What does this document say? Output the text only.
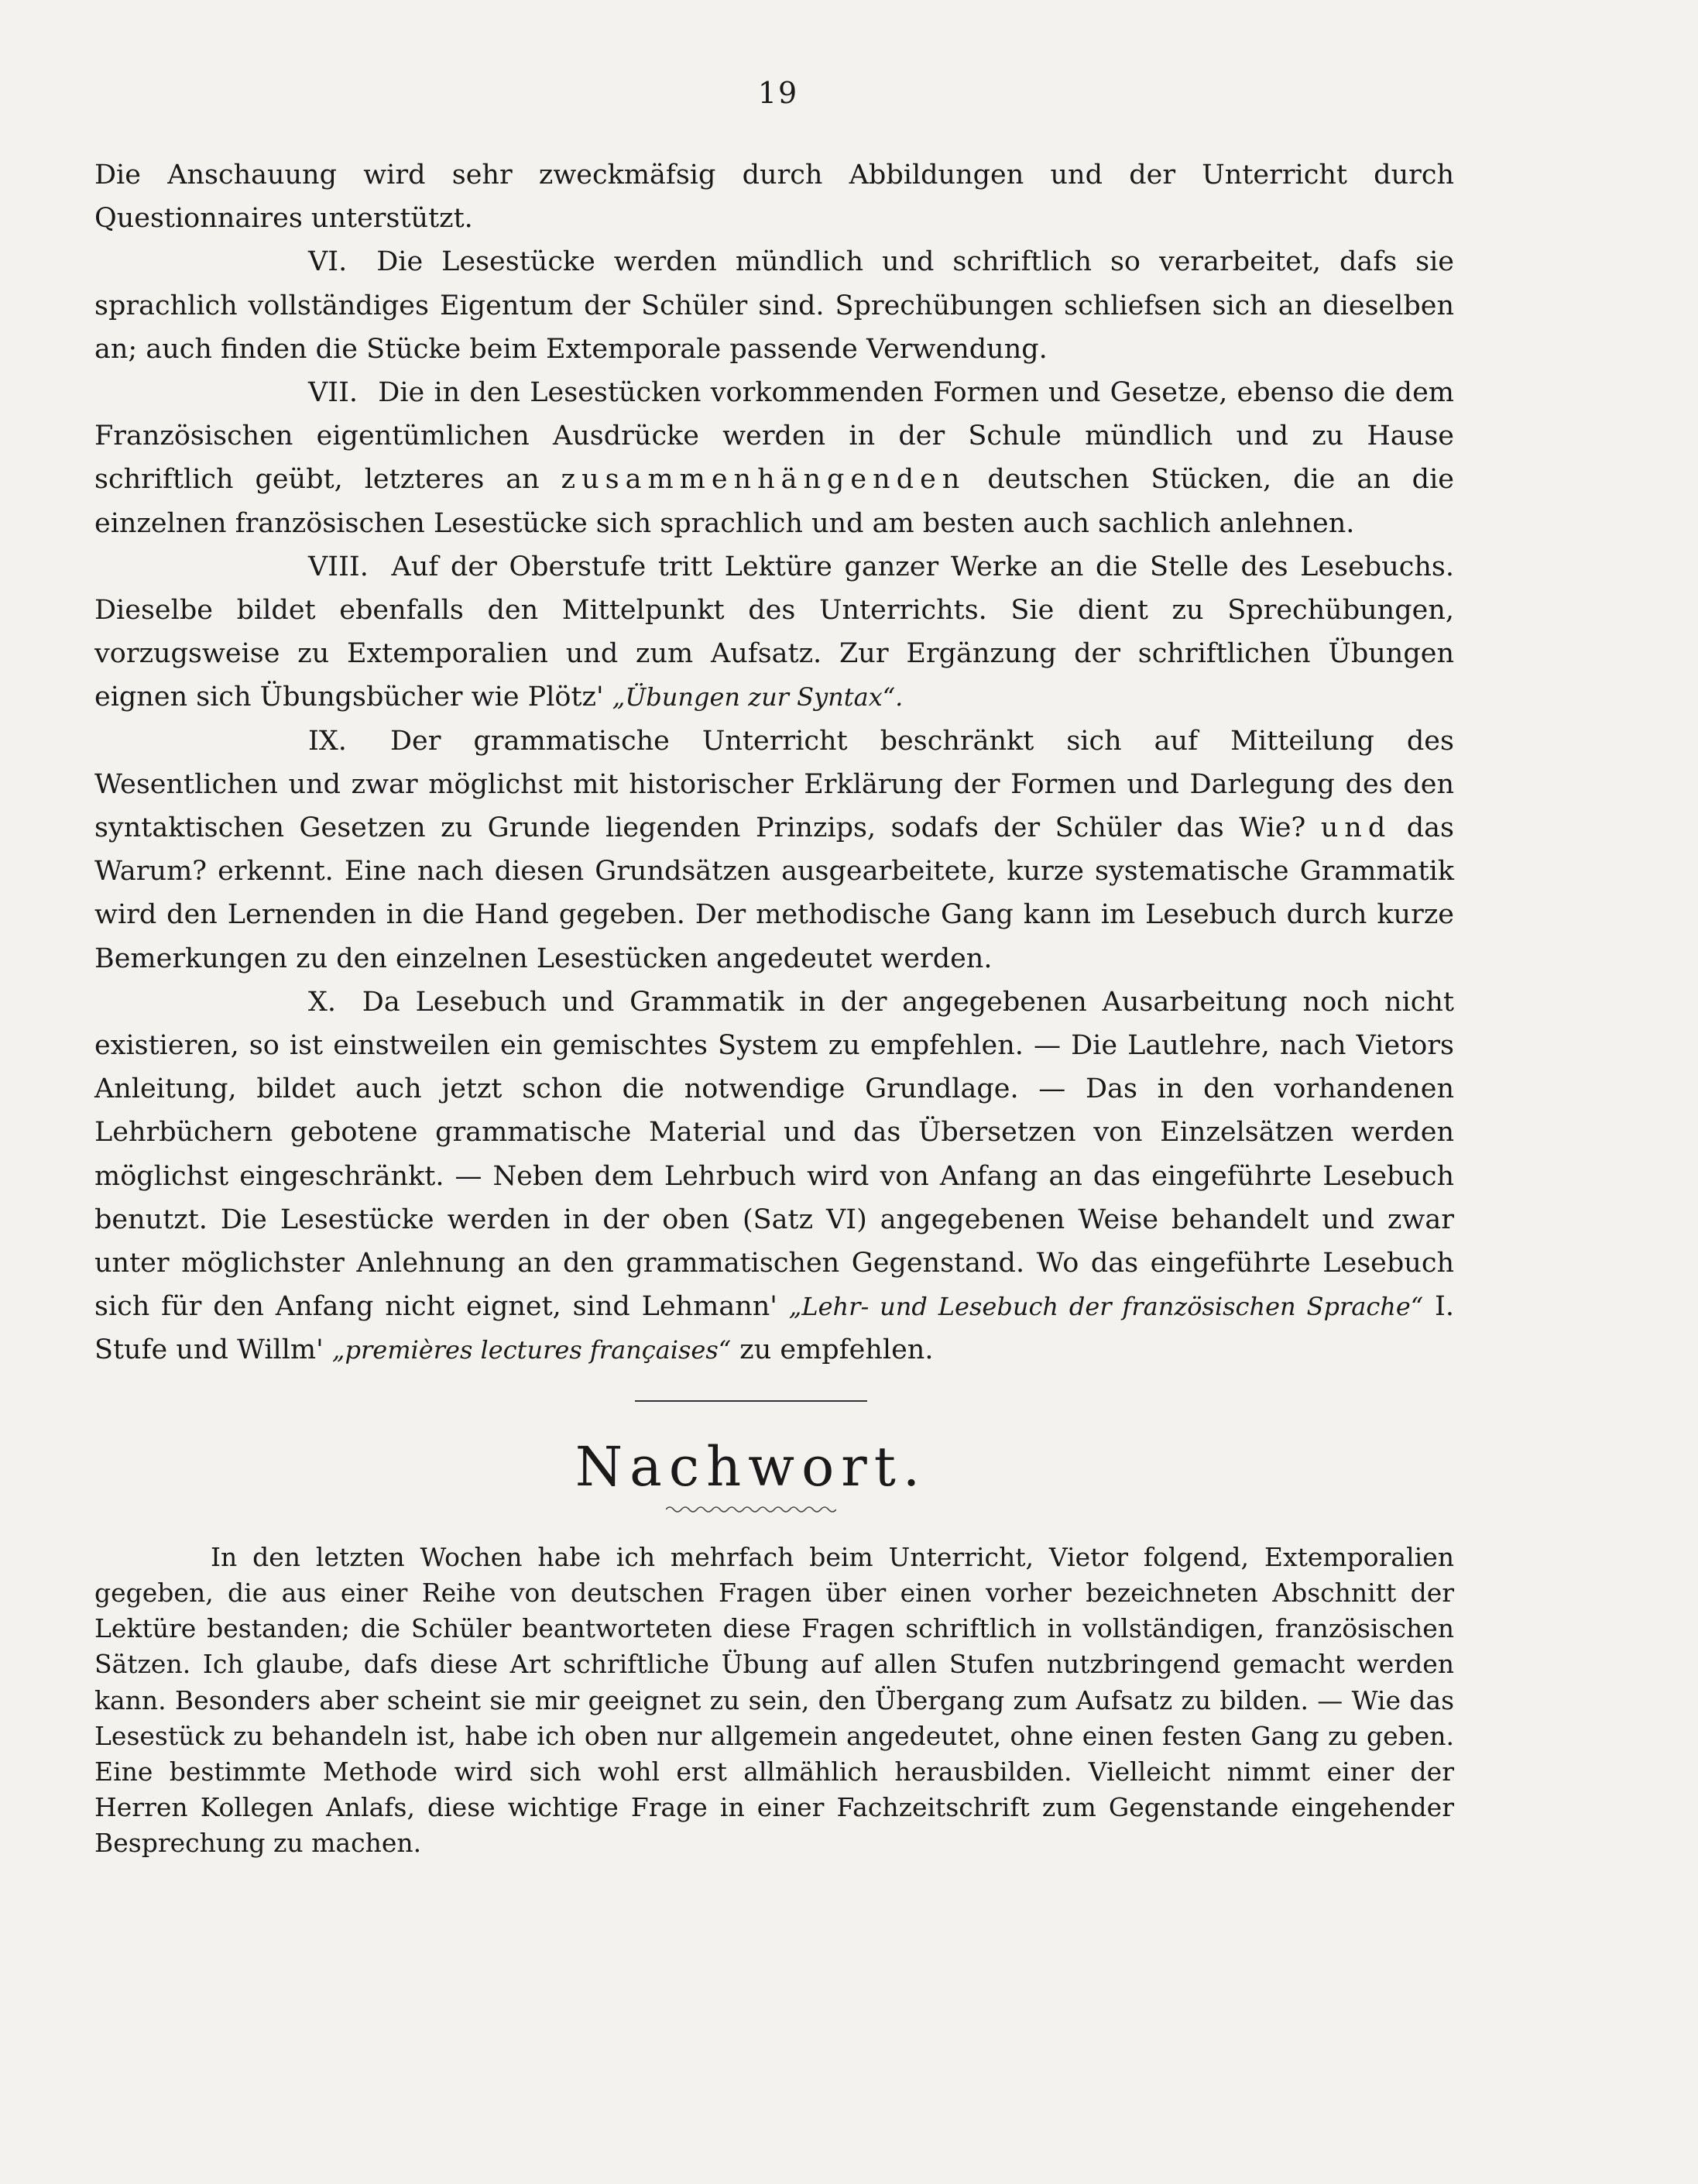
19

Die Anschauung wird sehr zweckmäfsig durch Abbildungen und der Unterricht durch Questionnaires unterstützt.

VI. Die Lesestücke werden mündlich und schriftlich so verarbeitet, dafs sie sprachlich vollständiges Eigentum der Schüler sind. Sprechübungen schliefsen sich an dieselben an; auch finden die Stücke beim Extemporale passende Verwendung.

VII. Die in den Lesestücken vorkommenden Formen und Gesetze, ebenso die dem Französischen eigentümlichen Ausdrücke werden in der Schule mündlich und zu Hause schriftlich geübt, letzteres an zusammenhängenden deutschen Stücken, die an die einzelnen französischen Lesestücke sich sprachlich und am besten auch sachlich anlehnen.

VIII. Auf der Oberstufe tritt Lektüre ganzer Werke an die Stelle des Lesebuchs. Dieselbe bildet ebenfalls den Mittelpunkt des Unterrichts. Sie dient zu Sprechübungen, vorzugsweise zu Extemporalien und zum Aufsatz. Zur Ergänzung der schriftlichen Übungen eignen sich Übungsbücher wie Plötz' „Übungen zur Syntax“.

IX. Der grammatische Unterricht beschränkt sich auf Mitteilung des Wesentlichen und zwar möglichst mit historischer Erklärung der Formen und Darlegung des den syntaktischen Gesetzen zu Grunde liegenden Prinzips, sodafs der Schüler das Wie? und das Warum? erkennt. Eine nach diesen Grundsätzen ausgearbeitete, kurze systematische Grammatik wird den Lernenden in die Hand gegeben. Der methodische Gang kann im Lesebuch durch kurze Bemerkungen zu den einzelnen Lesestücken angedeutet werden.

X. Da Lesebuch und Grammatik in der angegebenen Ausarbeitung noch nicht existieren, so ist einstweilen ein gemischtes System zu empfehlen. — Die Lautlehre, nach Vietors Anleitung, bildet auch jetzt schon die notwendige Grundlage. — Das in den vorhandenen Lehrbüchern gebotene grammatische Material und das Übersetzen von Einzelsätzen werden möglichst eingeschränkt. — Neben dem Lehrbuch wird von Anfang an das eingeführte Lesebuch benutzt. Die Lesestücke werden in der oben (Satz VI) angegebenen Weise behandelt und zwar unter möglichster Anlehnung an den grammatischen Gegenstand. Wo das eingeführte Lesebuch sich für den Anfang nicht eignet, sind Lehmann' „Lehr- und Lesebuch der französischen Sprache“ I. Stufe und Willm' „premières lectures françaises“ zu empfehlen.

Nachwort.

In den letzten Wochen habe ich mehrfach beim Unterricht, Vietor folgend, Extemporalien gegeben, die aus einer Reihe von deutschen Fragen über einen vorher bezeichneten Abschnitt der Lektüre bestanden; die Schüler beantworteten diese Fragen schriftlich in vollständigen, französischen Sätzen. Ich glaube, dafs diese Art schriftliche Übung auf allen Stufen nutzbringend gemacht werden kann. Besonders aber scheint sie mir geeignet zu sein, den Übergang zum Aufsatz zu bilden. — Wie das Lesestück zu behandeln ist, habe ich oben nur allgemein angedeutet, ohne einen festen Gang zu geben. Eine bestimmte Methode wird sich wohl erst allmählich herausbilden. Vielleicht nimmt einer der Herren Kollegen Anlafs, diese wichtige Frage in einer Fachzeitschrift zum Gegenstande eingehender Besprechung zu machen.
